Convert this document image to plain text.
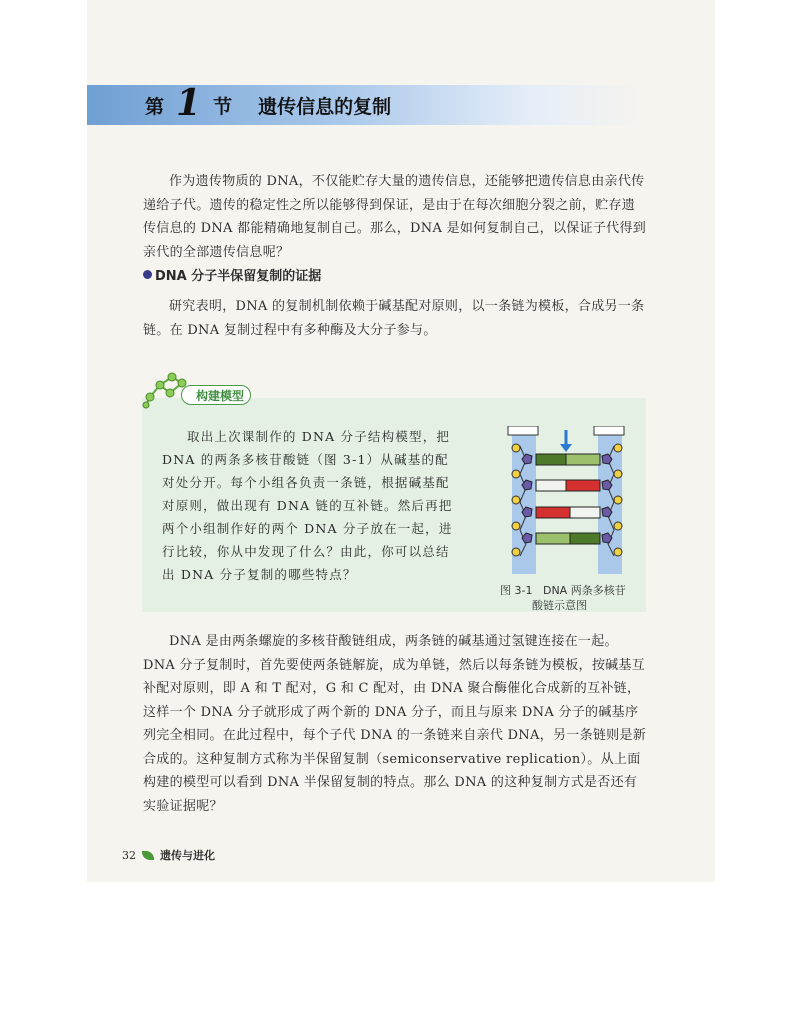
第 1 节 遗传信息的复制

作为遗传物质的 DNA，不仅能贮存大量的遗传信息，还能够把遗传信息由亲代传递给子代。遗传的稳定性之所以能够得到保证，是由于在每次细胞分裂之前，贮存遗传信息的 DNA 都能精确地复制自己。那么，DNA 是如何复制自己，以保证子代得到亲代的全部遗传信息呢？

DNA 分子半保留复制的证据

研究表明，DNA 的复制机制依赖于碱基配对原则，以一条链为模板，合成另一条链。在 DNA 复制过程中有多种酶及大分子参与。

构建模型

取出上次课制作的 DNA 分子结构模型，把 DNA 的两条多核苷酸链（图 3-1）从碱基的配对处分开。每个小组各负责一条链，根据碱基配对原则，做出现有 DNA 链的互补链。然后再把两个小组制作好的两个 DNA 分子放在一起，进行比较，你从中发现了什么？由此，你可以总结出 DNA 分子复制的哪些特点？

图 3-1 DNA 两条多核苷
酸链示意图

DNA 是由两条螺旋的多核苷酸链组成，两条链的碱基通过氢键连接在一起。DNA 分子复制时，首先要使两条链解旋，成为单链，然后以每条链为模板，按碱基互补配对原则，即 A 和 T 配对，G 和 C 配对，由 DNA 聚合酶催化合成新的互补链，这样一个 DNA 分子就形成了两个新的 DNA 分子，而且与原来 DNA 分子的碱基序列完全相同。在此过程中，每个子代 DNA 的一条链来自亲代 DNA，另一条链则是新合成的。这种复制方式称为半保留复制（semiconservative replication）。从上面构建的模型可以看到 DNA 半保留复制的特点。那么 DNA 的这种复制方式是否还有实验证据呢？

32 遗传与进化
